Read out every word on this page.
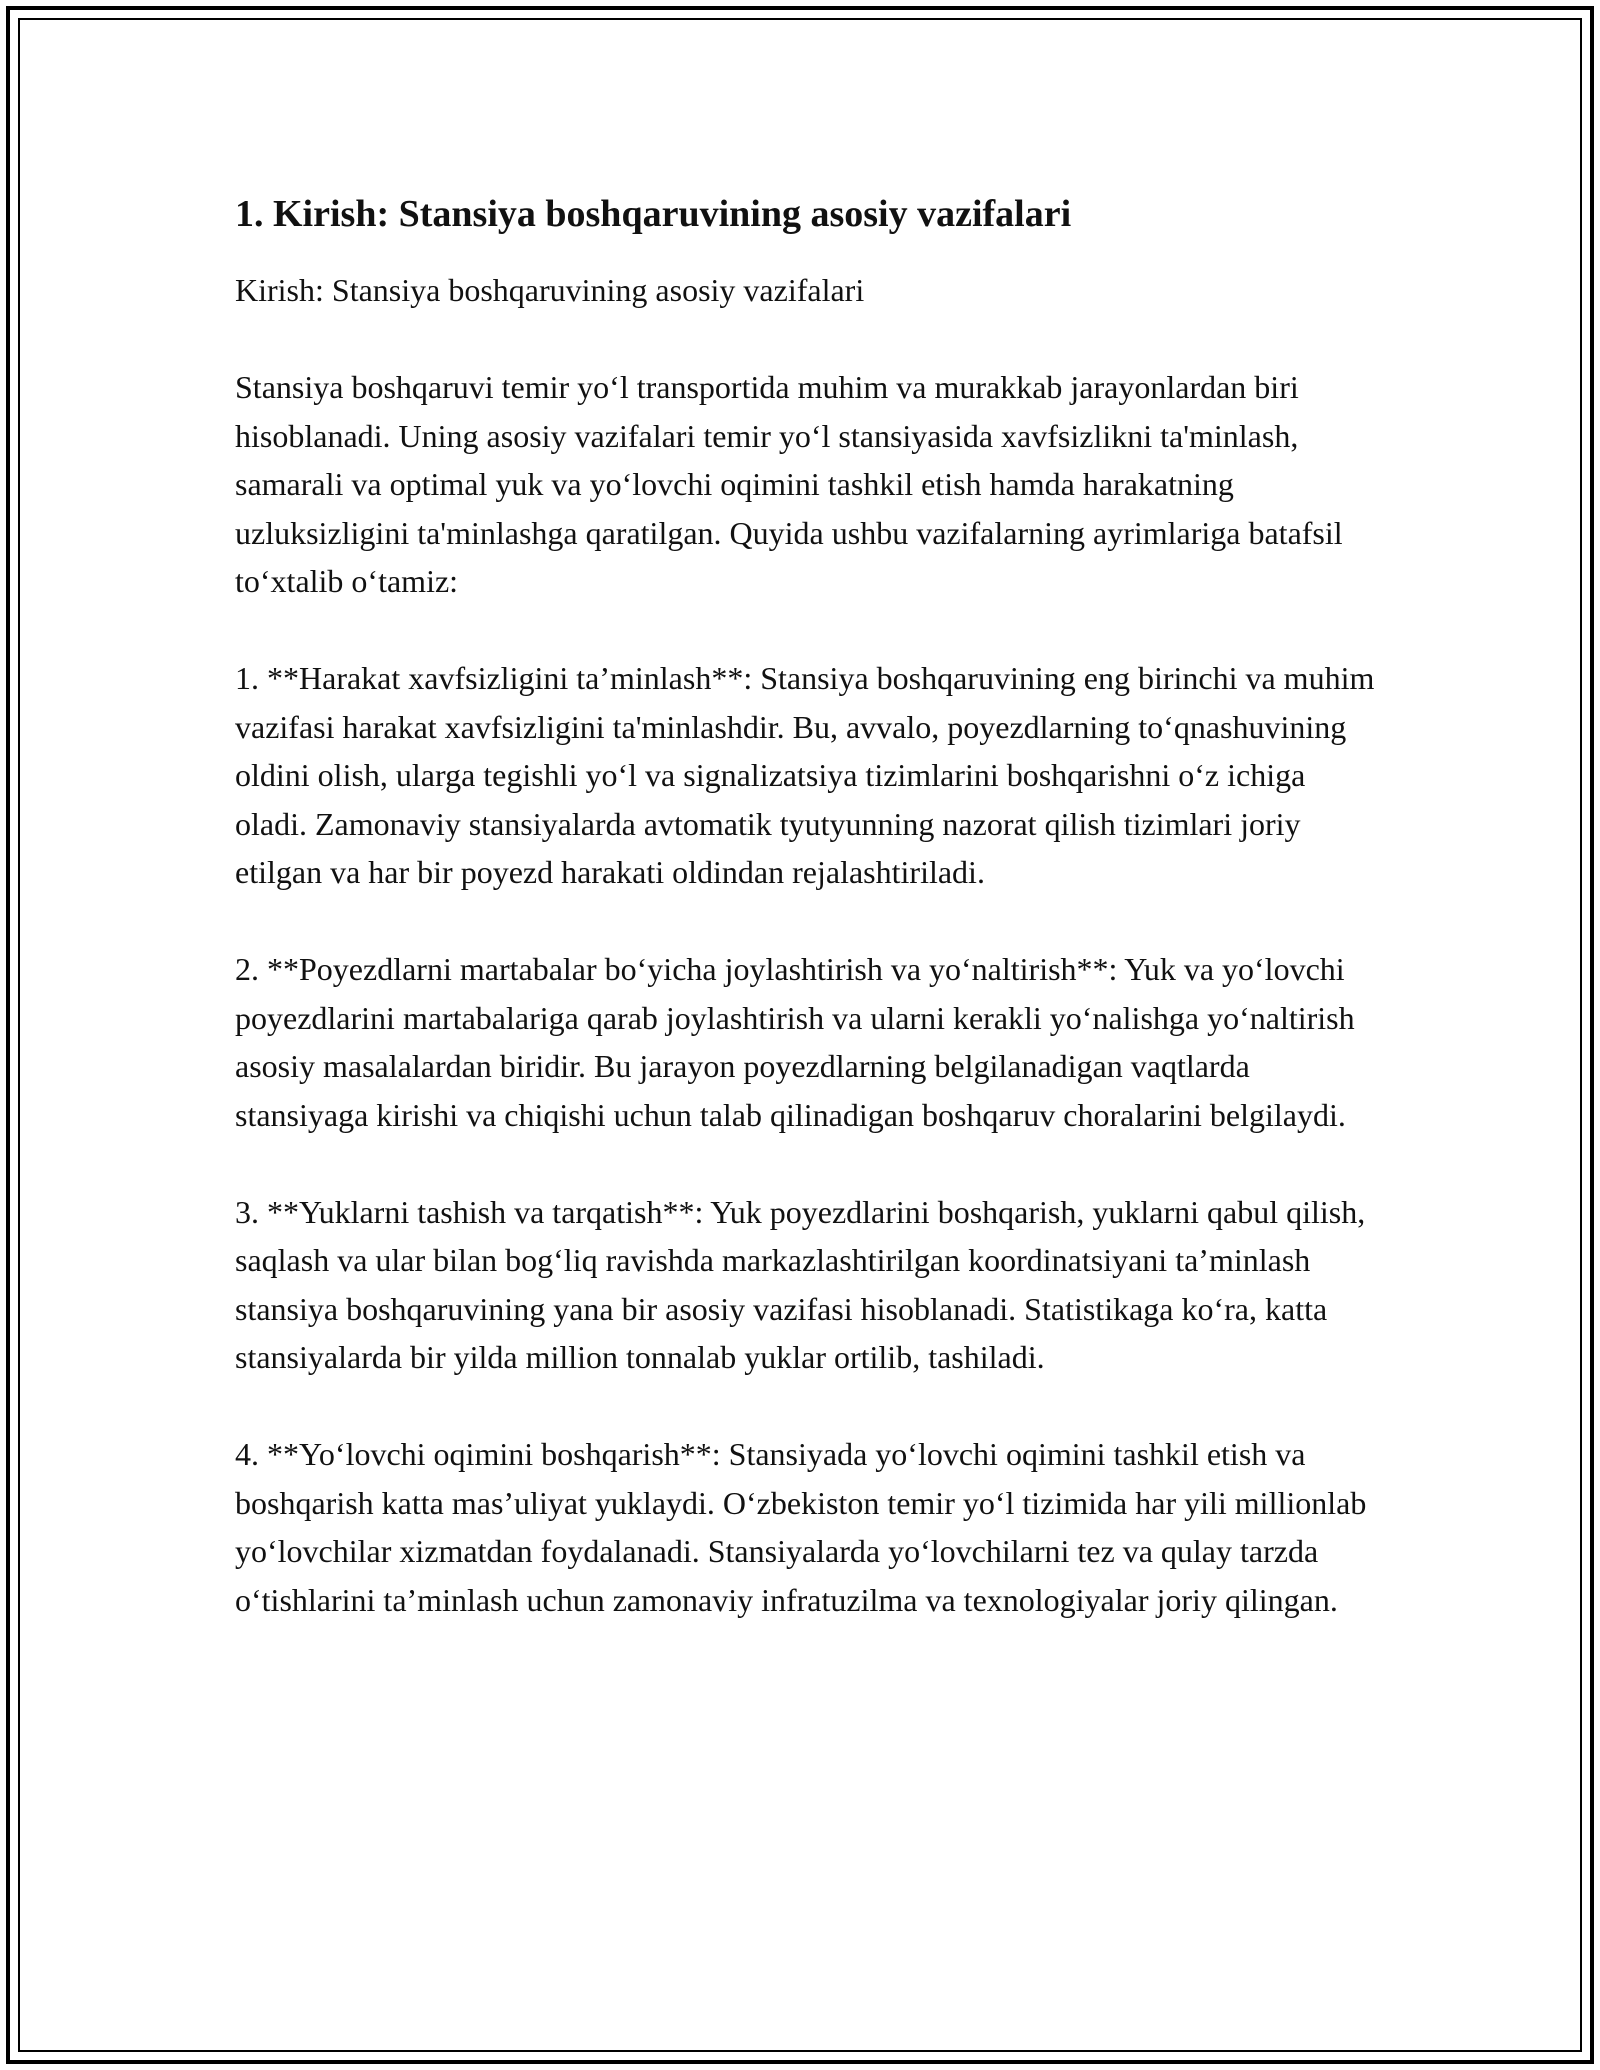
1. Kirish: Stansiya boshqaruvining asosiy vazifalari

Kirish: Stansiya boshqaruvining asosiy vazifalari

Stansiya boshqaruvi temir yo‘l transportida muhim va murakkab jarayonlardan biri hisoblanadi. Uning asosiy vazifalari temir yo‘l stansiyasida xavfsizlikni ta'minlash, samarali va optimal yuk va yo‘lovchi oqimini tashkil etish hamda harakatning uzluksizligini ta'minlashga qaratilgan. Quyida ushbu vazifalarning ayrimlariga batafsil to‘xtalib o‘tamiz:

1. **Harakat xavfsizligini ta’minlash**: Stansiya boshqaruvining eng birinchi va muhim vazifasi harakat xavfsizligini ta'minlashdir. Bu, avvalo, poyezdlarning to‘qnashuvining oldini olish, ularga tegishli yo‘l va signalizatsiya tizimlarini boshqarishni o‘z ichiga oladi. Zamonaviy stansiyalarda avtomatik tyutyunning nazorat qilish tizimlari joriy etilgan va har bir poyezd harakati oldindan rejalashtiriladi.

2. **Poyezdlarni martabalar bo‘yicha joylashtirish va yo‘naltirish**: Yuk va yo‘lovchi poyezdlarini martabalariga qarab joylashtirish va ularni kerakli yo‘nalishga yo‘naltirish asosiy masalalardan biridir. Bu jarayon poyezdlarning belgilanadigan vaqtlarda stansiyaga kirishi va chiqishi uchun talab qilinadigan boshqaruv choralarini belgilaydi.

3. **Yuklarni tashish va tarqatish**: Yuk poyezdlarini boshqarish, yuklarni qabul qilish, saqlash va ular bilan bog‘liq ravishda markazlashtirilgan koordinatsiyani ta’minlash stansiya boshqaruvining yana bir asosiy vazifasi hisoblanadi. Statistikaga ko‘ra, katta stansiyalarda bir yilda million tonnalab yuklar ortilib, tashiladi.

4. **Yo‘lovchi oqimini boshqarish**: Stansiyada yo‘lovchi oqimini tashkil etish va boshqarish katta mas’uliyat yuklaydi. O‘zbekiston temir yo‘l tizimida har yili millionlab yo‘lovchilar xizmatdan foydalanadi. Stansiyalarda yo‘lovchilarni tez va qulay tarzda o‘tishlarini ta’minlash uchun zamonaviy infratuzilma va texnologiyalar joriy qilingan.
